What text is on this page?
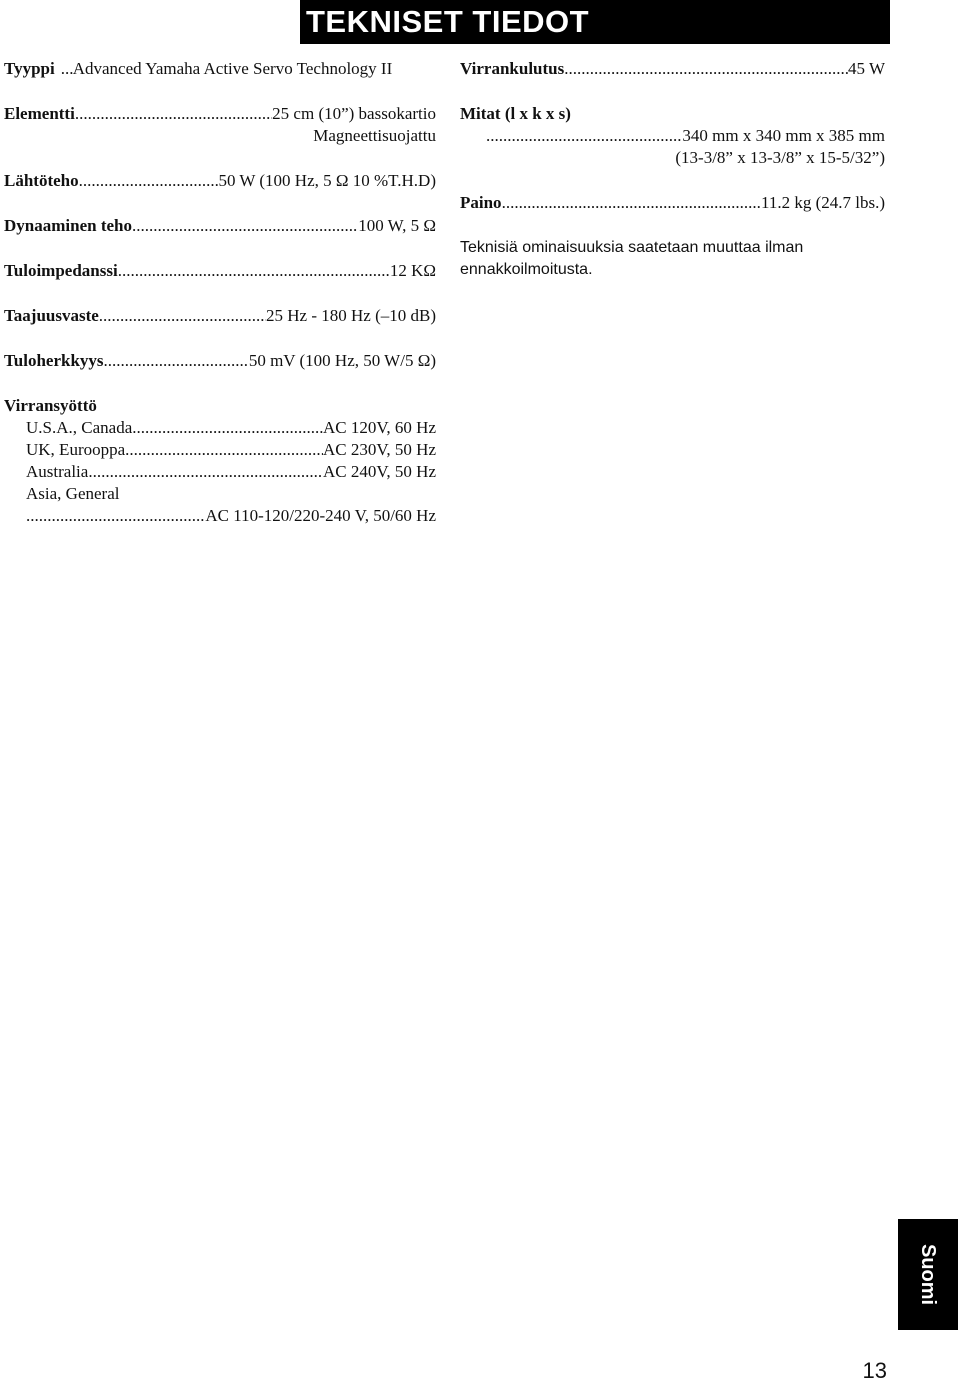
TEKNISET TIEDOT
Tyyppi ..... Advanced Yamaha Active Servo Technology II
Elementti .....	25 cm (10”) bassokartio
Magneettisuojattu
Lähtöteho .....	50 W (100 Hz, 5 Ω 10 %T.H.D)
Dynaaminen teho .....	100 W, 5 Ω
Tuloimpedanssi .....	12 KΩ
Taajuusvaste .....	25 Hz - 180 Hz (–10 dB)
Tuloherkkyys .....	50 mV (100 Hz, 50 W/5 Ω)
Virransyöttö
U.S.A., Canada .....	AC 120V, 60 Hz
UK, Eurooppa .....	AC 230V, 50 Hz
Australia .....	AC 240V, 50 Hz
Asia, General
.....
AC 110-120/220-240 V, 50/60 Hz
Virrankulutus .....	45 W
Mitat (l x k x s)
.....
340 mm x 340 mm x 385 mm
(13-3/8” x 13-3/8” x 15-5/32”)
Paino .....	11.2 kg (24.7 lbs.)
Teknisiä ominaisuuksia saatetaan muuttaa ilman ennakkoilmoitusta.
Suomi
13
